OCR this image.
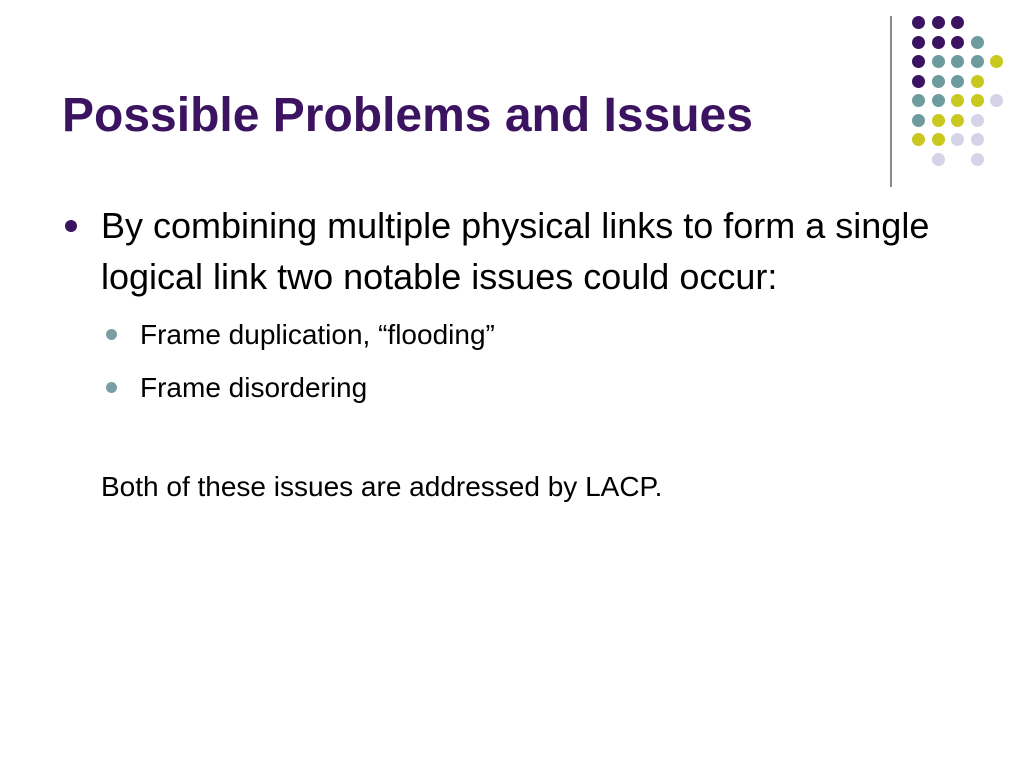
Possible Problems and Issues
By combining multiple physical links to form a single logical link two notable issues could occur:
Frame duplication, “flooding”
Frame disordering

Both of these issues are addressed by LACP.
